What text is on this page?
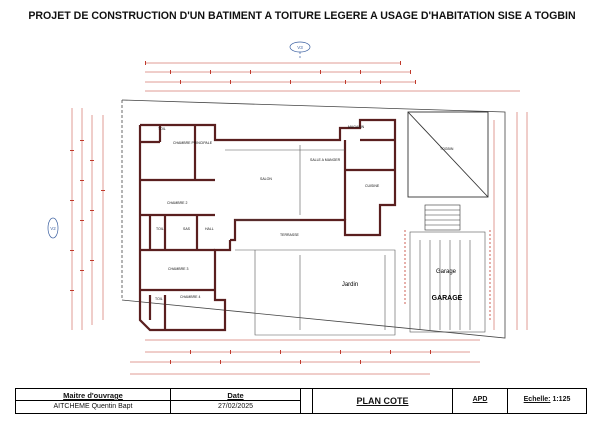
PROJET DE CONSTRUCTION D'UN BATIMENT A TOITURE LEGERE A USAGE D'HABITATION SISE A TOGBIN
V3
V2
TOIL
CHAMBRE PRINCIPALE
CHAMBRE 2
TOIL	SAS	HALL
CHAMBRE 3
CHAMBRE 4
TOIL
SALON
SALLE A MANGER
MAGASIN
CUISINE
TERRASSE
TOGBIN
Jardin
Garage
GARAGE
Maitre d'ouvrage
AITCHEME Quentin Bapt
Date
27/02/2025
PLAN COTE	APD	Echelle: 1:125
